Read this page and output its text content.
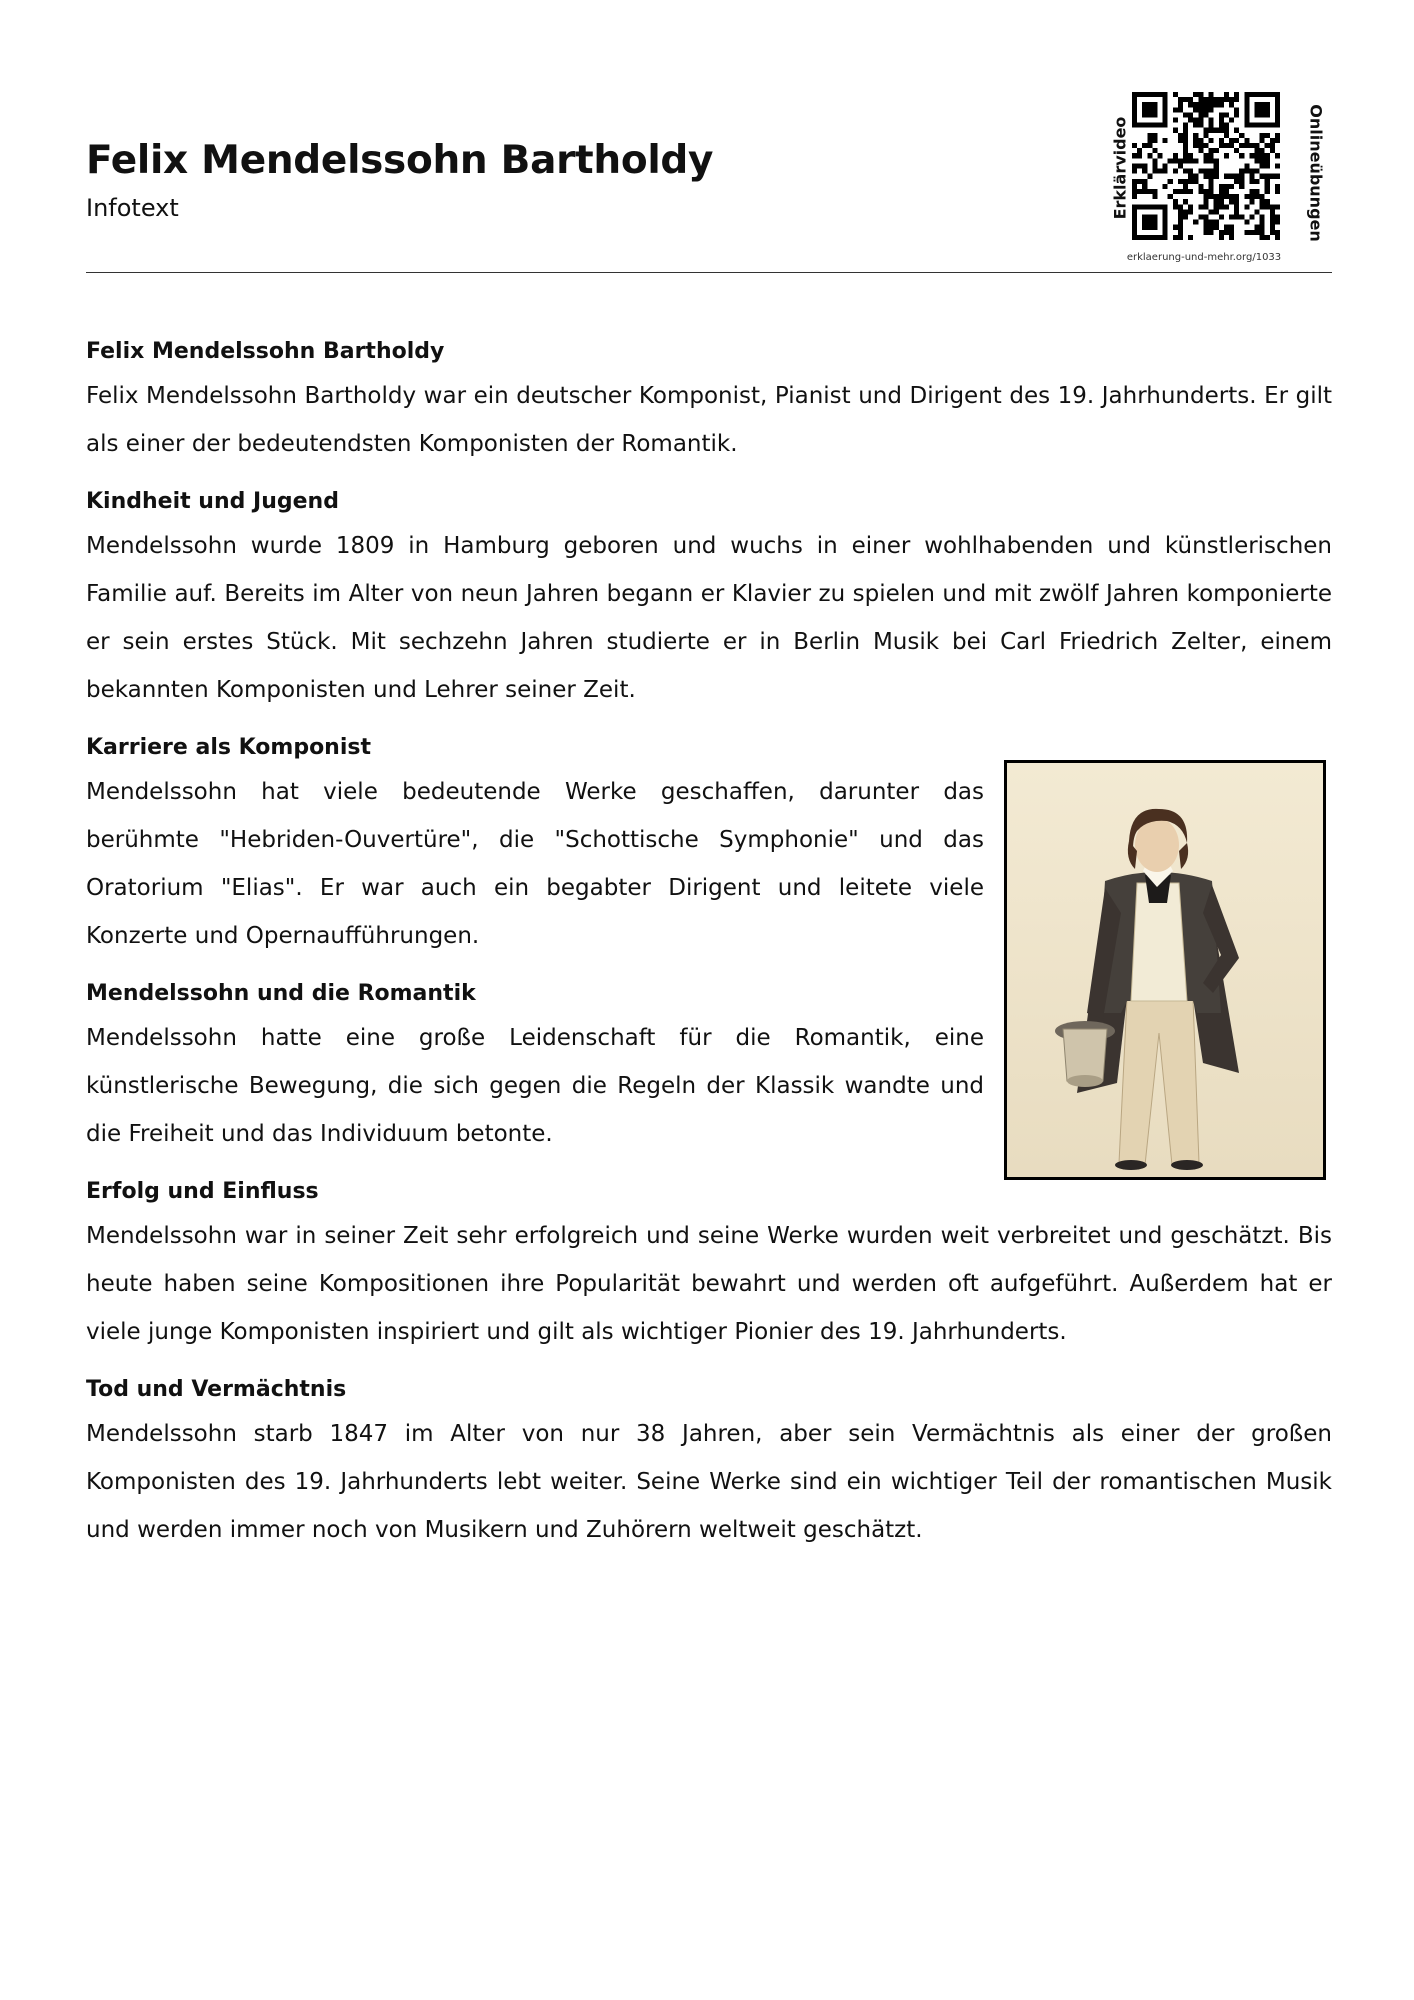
Felix Mendelssohn Bartholdy
Infotext	Erklärvideo	Onlineübungen
erklaerung-und-mehr.org/1033

Felix Mendelssohn Bartholdy

Felix Mendelssohn Bartholdy war ein deutscher Komponist, Pianist und Dirigent des 19. Jahrhunderts. Er gilt als einer der bedeutendsten Komponisten der Romantik.

Kindheit und Jugend

Mendelssohn wurde 1809 in Hamburg geboren und wuchs in einer wohlhabenden und künstlerischen Familie auf. Bereits im Alter von neun Jahren begann er Klavier zu spielen und mit zwölf Jahren komponierte er sein erstes Stück. Mit sechzehn Jahren studierte er in Berlin Musik bei Carl Friedrich Zelter, einem bekannten Komponisten und Lehrer seiner Zeit.

Karriere als Komponist

Mendelssohn hat viele bedeutende Werke geschaffen, darunter das berühmte "Hebriden-Ouvertüre", die "Schottische Symphonie" und das Oratorium "Elias". Er war auch ein begabter Dirigent und leitete viele Konzerte und Opernaufführungen.

Mendelssohn und die Romantik

Mendelssohn hatte eine große Leidenschaft für die Romantik, eine künstlerische Bewegung, die sich gegen die Regeln der Klassik wandte und die Freiheit und das Individuum betonte.

Erfolg und Einfluss

Mendelssohn war in seiner Zeit sehr erfolgreich und seine Werke wurden weit verbreitet und geschätzt. Bis heute haben seine Kompositionen ihre Popularität bewahrt und werden oft aufgeführt. Außerdem hat er viele junge Komponisten inspiriert und gilt als wichtiger Pionier des 19. Jahrhunderts.

Tod und Vermächtnis

Mendelssohn starb 1847 im Alter von nur 38 Jahren, aber sein Vermächtnis als einer der großen Komponisten des 19. Jahrhunderts lebt weiter. Seine Werke sind ein wichtiger Teil der romantischen Musik und werden immer noch von Musikern und Zuhörern weltweit geschätzt.
